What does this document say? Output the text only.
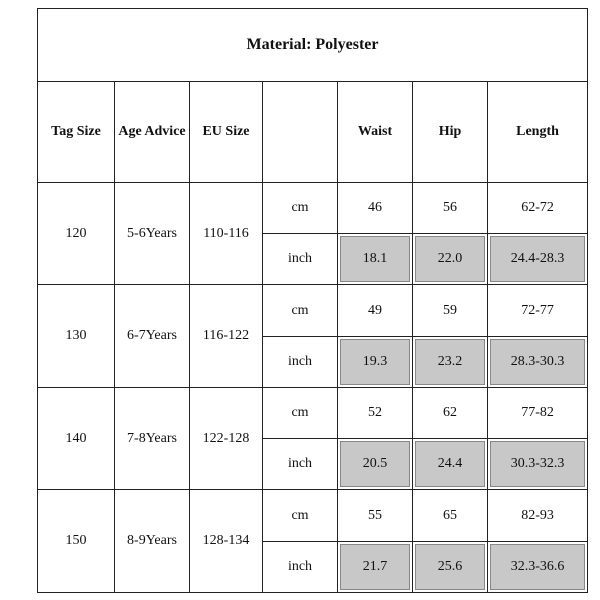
Material: Polyester						
Tag Size	Age Advice	EU Size		Waist	Hip	Length
120	5-6Years	110-116	cm	46	56	62-72
			inch	18.1	22.0	24.4-28.3
130	6-7Years	116-122	cm	49	59	72-77
			inch	19.3	23.2	28.3-30.3
140	7-8Years	122-128	cm	52	62	77-82
			inch	20.5	24.4	30.3-32.3
150	8-9Years	128-134	cm	55	65	82-93
			inch	21.7	25.6	32.3-36.6
